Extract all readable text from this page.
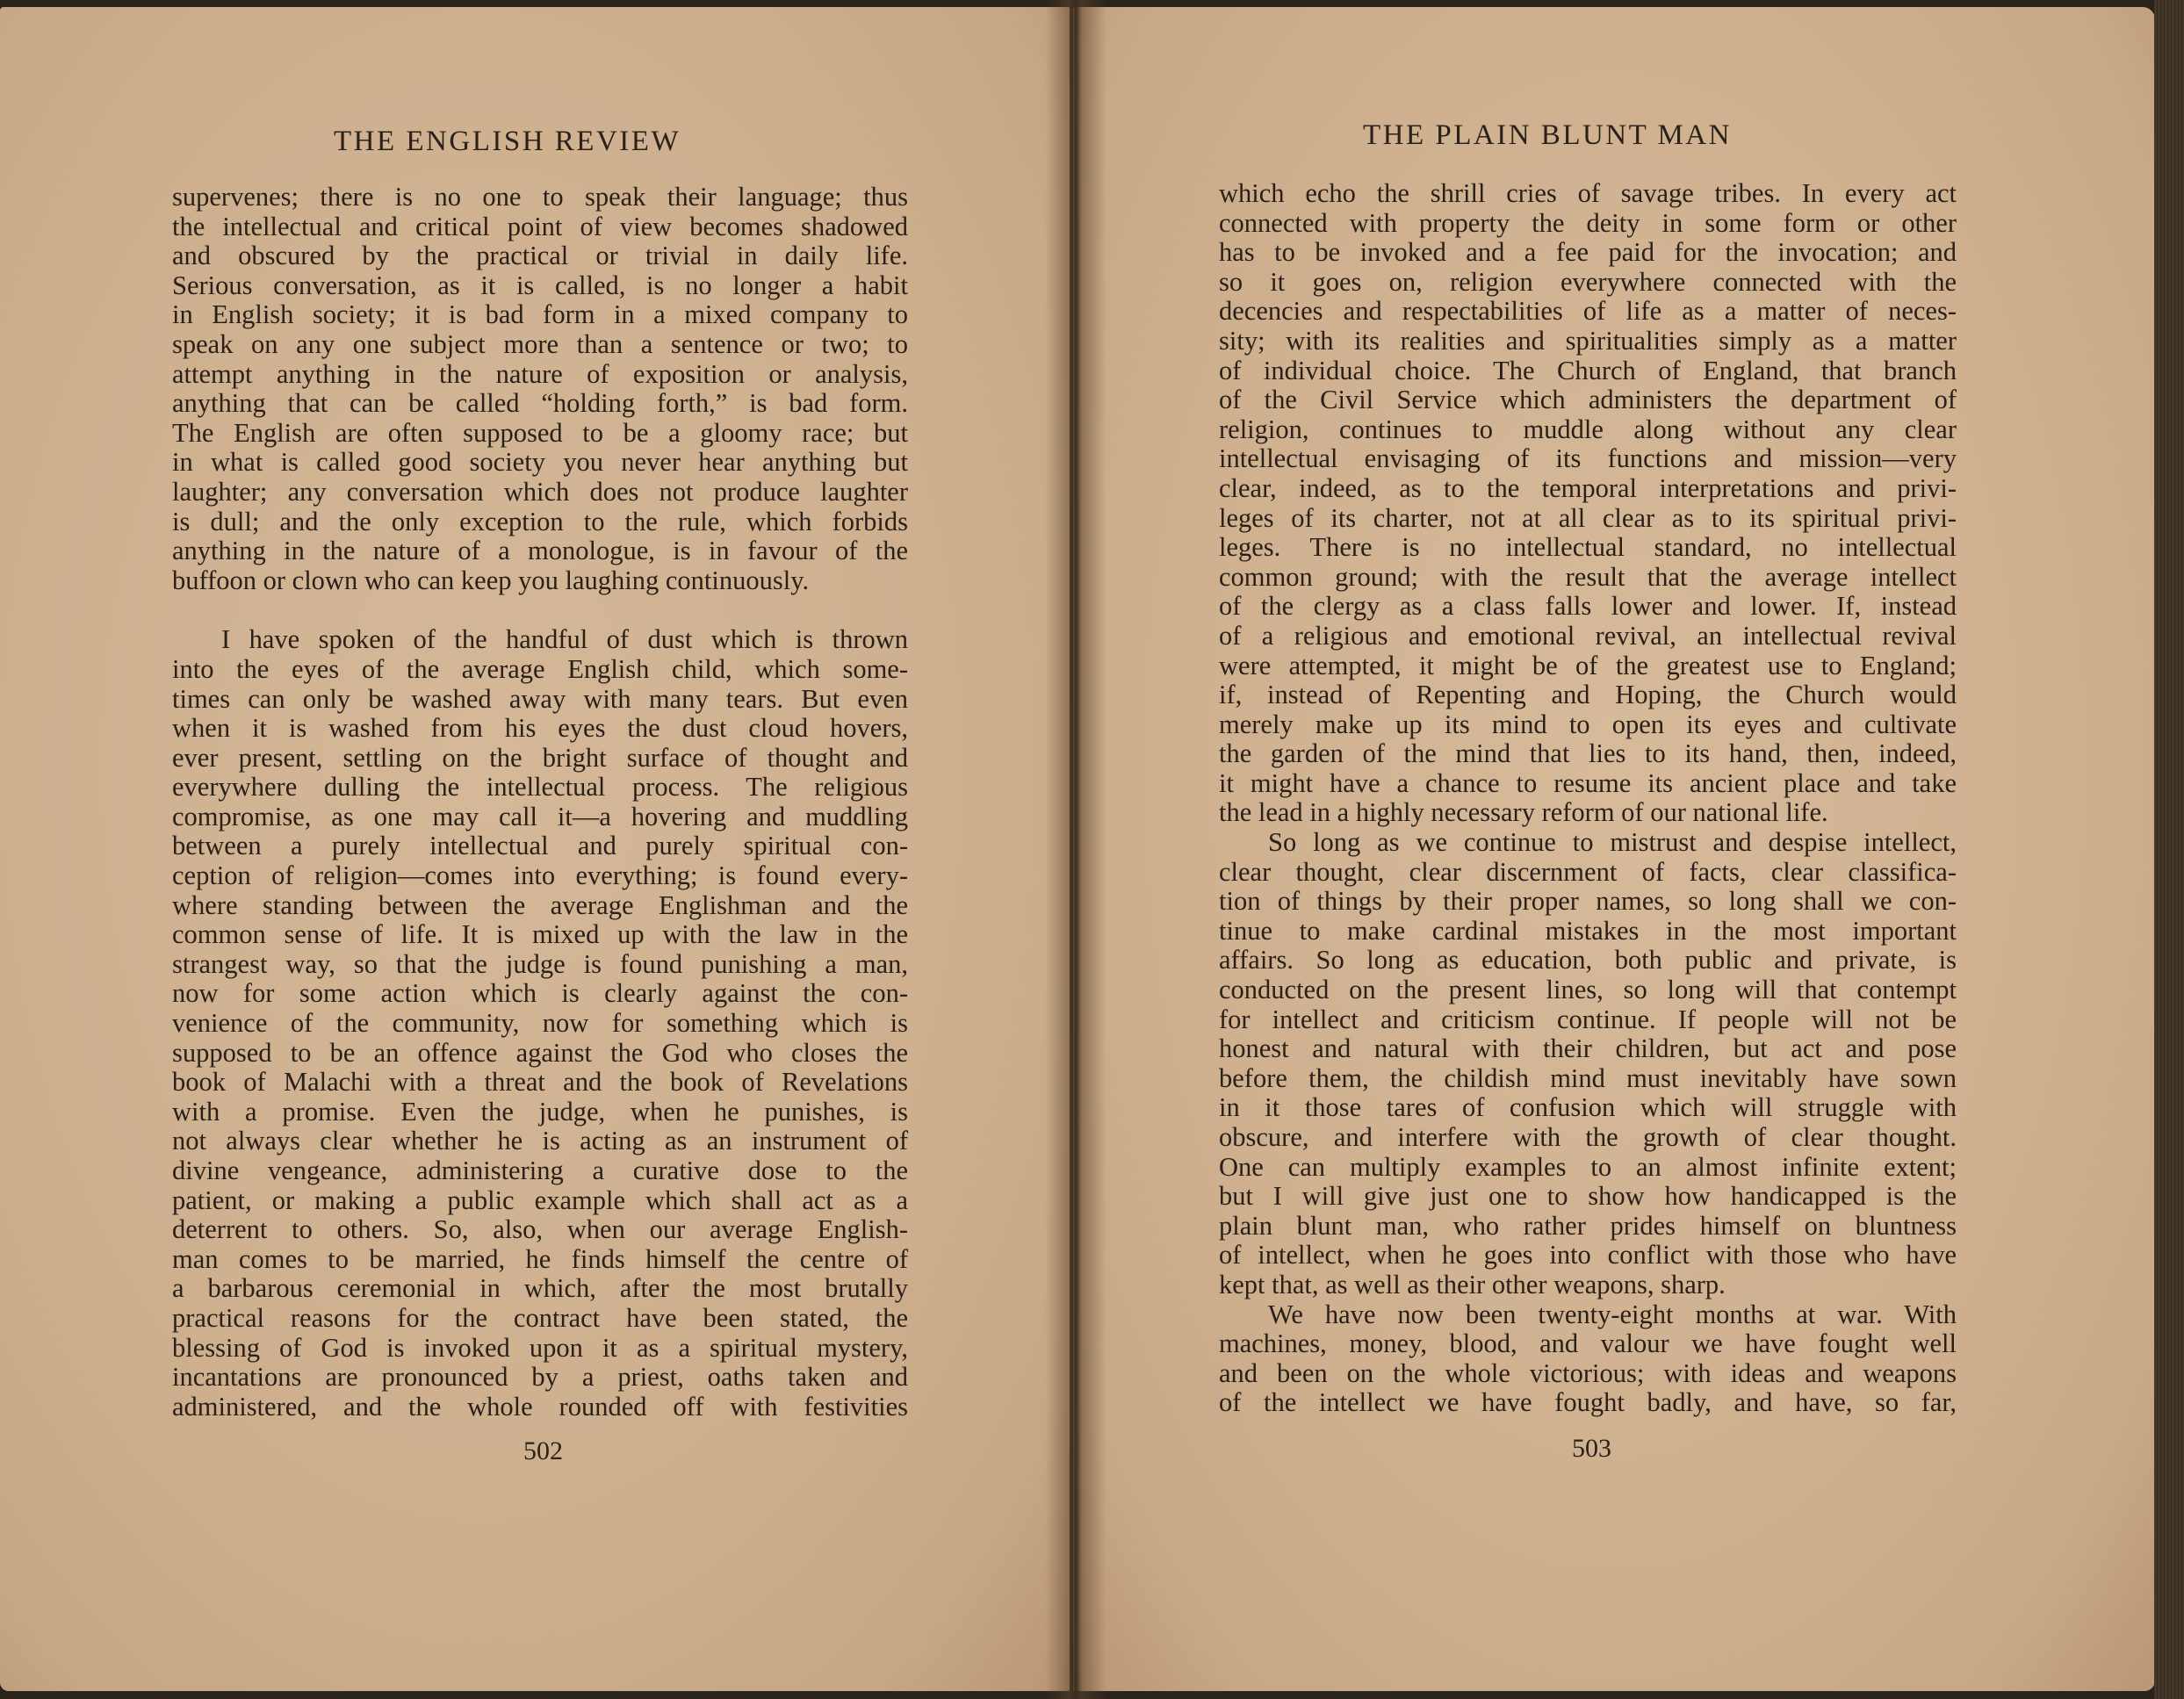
THE ENGLISH REVIEW
supervenes; there is no one to speak their language; thus
the intellectual and critical point of view becomes shadowed
and obscured by the practical or trivial in daily life.
Serious conversation, as it is called, is no longer a habit
in English society; it is bad form in a mixed company to
speak on any one subject more than a sentence or two; to
attempt anything in the nature of exposition or analysis,
anything that can be called “holding forth,” is bad form.
The English are often supposed to be a gloomy race; but
in what is called good society you never hear anything but
laughter; any conversation which does not produce laughter
is dull; and the only exception to the rule, which forbids
anything in the nature of a monologue, is in favour of the
buffoon or clown who can keep you laughing continuously.
I have spoken of the handful of dust which is thrown
into the eyes of the average English child, which some-
times can only be washed away with many tears. But even
when it is washed from his eyes the dust cloud hovers,
ever present, settling on the bright surface of thought and
everywhere dulling the intellectual process. The religious
compromise, as one may call it—a hovering and muddling
between a purely intellectual and purely spiritual con-
ception of religion—comes into everything; is found every-
where standing between the average Englishman and the
common sense of life. It is mixed up with the law in the
strangest way, so that the judge is found punishing a man,
now for some action which is clearly against the con-
venience of the community, now for something which is
supposed to be an offence against the God who closes the
book of Malachi with a threat and the book of Revelations
with a promise. Even the judge, when he punishes, is
not always clear whether he is acting as an instrument of
divine vengeance, administering a curative dose to the
patient, or making a public example which shall act as a
deterrent to others. So, also, when our average English-
man comes to be married, he finds himself the centre of
a barbarous ceremonial in which, after the most brutally
practical reasons for the contract have been stated, the
blessing of God is invoked upon it as a spiritual mystery,
incantations are pronounced by a priest, oaths taken and
administered, and the whole rounded off with festivities
502
THE PLAIN BLUNT MAN
which echo the shrill cries of savage tribes. In every act
connected with property the deity in some form or other
has to be invoked and a fee paid for the invocation; and
so it goes on, religion everywhere connected with the
decencies and respectabilities of life as a matter of neces-
sity; with its realities and spiritualities simply as a matter
of individual choice. The Church of England, that branch
of the Civil Service which administers the department of
religion, continues to muddle along without any clear
intellectual envisaging of its functions and mission—very
clear, indeed, as to the temporal interpretations and privi-
leges of its charter, not at all clear as to its spiritual privi-
leges. There is no intellectual standard, no intellectual
common ground; with the result that the average intellect
of the clergy as a class falls lower and lower. If, instead
of a religious and emotional revival, an intellectual revival
were attempted, it might be of the greatest use to England;
if, instead of Repenting and Hoping, the Church would
merely make up its mind to open its eyes and cultivate
the garden of the mind that lies to its hand, then, indeed,
it might have a chance to resume its ancient place and take
the lead in a highly necessary reform of our national life.
So long as we continue to mistrust and despise intellect,
clear thought, clear discernment of facts, clear classifica-
tion of things by their proper names, so long shall we con-
tinue to make cardinal mistakes in the most important
affairs. So long as education, both public and private, is
conducted on the present lines, so long will that contempt
for intellect and criticism continue. If people will not be
honest and natural with their children, but act and pose
before them, the childish mind must inevitably have sown
in it those tares of confusion which will struggle with
obscure, and interfere with the growth of clear thought.
One can multiply examples to an almost infinite extent;
but I will give just one to show how handicapped is the
plain blunt man, who rather prides himself on bluntness
of intellect, when he goes into conflict with those who have
kept that, as well as their other weapons, sharp.
We have now been twenty-eight months at war. With
machines, money, blood, and valour we have fought well
and been on the whole victorious; with ideas and weapons
of the intellect we have fought badly, and have, so far,
503
